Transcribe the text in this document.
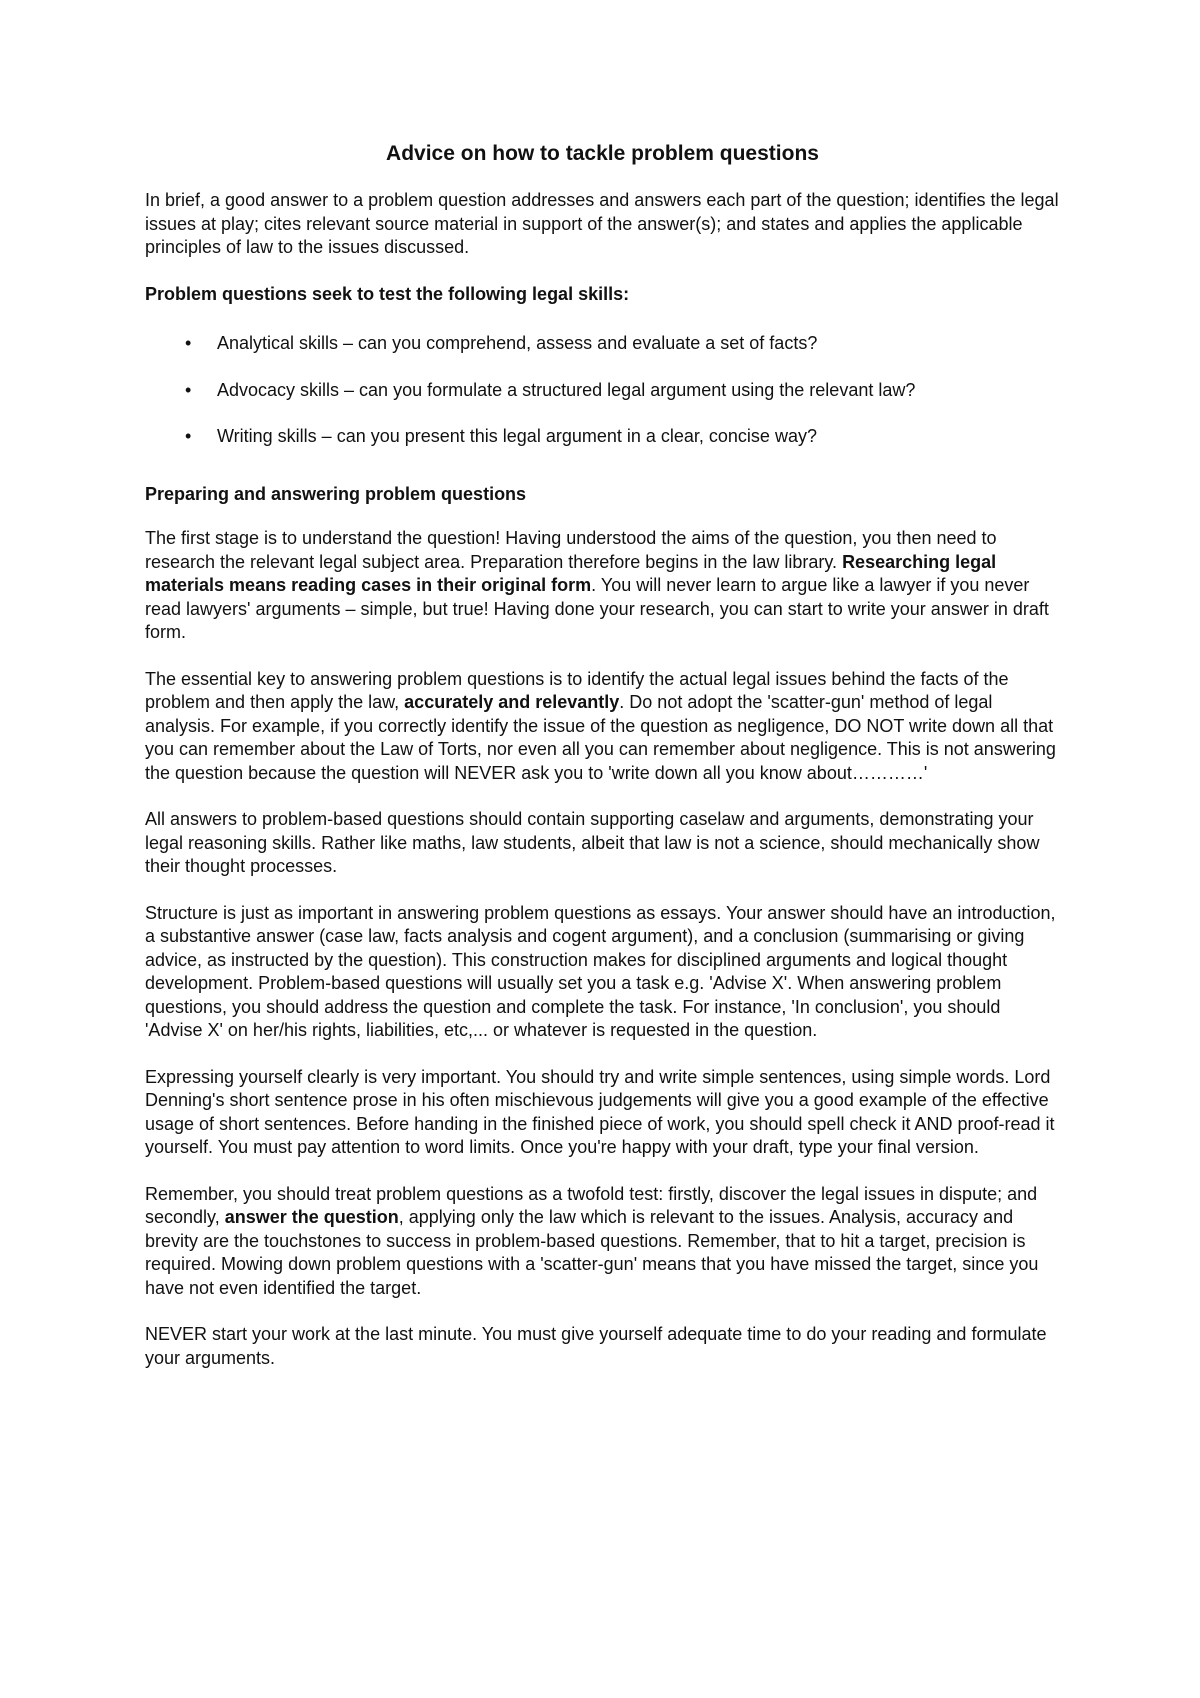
Advice on how to tackle problem questions

In brief, a good answer to a problem question addresses and answers each part of the question; identifies the legal issues at play; cites relevant source material in support of the answer(s); and states and applies the applicable principles of law to the issues discussed.

Problem questions seek to test the following legal skills:

• Analytical skills – can you comprehend, assess and evaluate a set of facts?
• Advocacy skills – can you formulate a structured legal argument using the relevant law?
• Writing skills – can you present this legal argument in a clear, concise way?

Preparing and answering problem questions

The first stage is to understand the question! Having understood the aims of the question, you then need to research the relevant legal subject area. Preparation therefore begins in the law library. Researching legal materials means reading cases in their original form. You will never learn to argue like a lawyer if you never read lawyers' arguments – simple, but true! Having done your research, you can start to write your answer in draft form.

The essential key to answering problem questions is to identify the actual legal issues behind the facts of the problem and then apply the law, accurately and relevantly. Do not adopt the 'scatter-gun' method of legal analysis. For example, if you correctly identify the issue of the question as negligence, DO NOT write down all that you can remember about the Law of Torts, nor even all you can remember about negligence. This is not answering the question because the question will NEVER ask you to 'write down all you know about…………'

All answers to problem-based questions should contain supporting caselaw and arguments, demonstrating your legal reasoning skills. Rather like maths, law students, albeit that law is not a science, should mechanically show their thought processes.

Structure is just as important in answering problem questions as essays. Your answer should have an introduction, a substantive answer (case law, facts analysis and cogent argument), and a conclusion (summarising or giving advice, as instructed by the question). This construction makes for disciplined arguments and logical thought development. Problem-based questions will usually set you a task e.g. 'Advise X'. When answering problem questions, you should address the question and complete the task. For instance, 'In conclusion', you should 'Advise X' on her/his rights, liabilities, etc,... or whatever is requested in the question.

Expressing yourself clearly is very important. You should try and write simple sentences, using simple words. Lord Denning's short sentence prose in his often mischievous judgements will give you a good example of the effective usage of short sentences. Before handing in the finished piece of work, you should spell check it AND proof-read it yourself. You must pay attention to word limits. Once you're happy with your draft, type your final version.

Remember, you should treat problem questions as a twofold test: firstly, discover the legal issues in dispute; and secondly, answer the question, applying only the law which is relevant to the issues. Analysis, accuracy and brevity are the touchstones to success in problem-based questions. Remember, that to hit a target, precision is required. Mowing down problem questions with a 'scatter-gun' means that you have missed the target, since you have not even identified the target.

NEVER start your work at the last minute. You must give yourself adequate time to do your reading and formulate your arguments.
